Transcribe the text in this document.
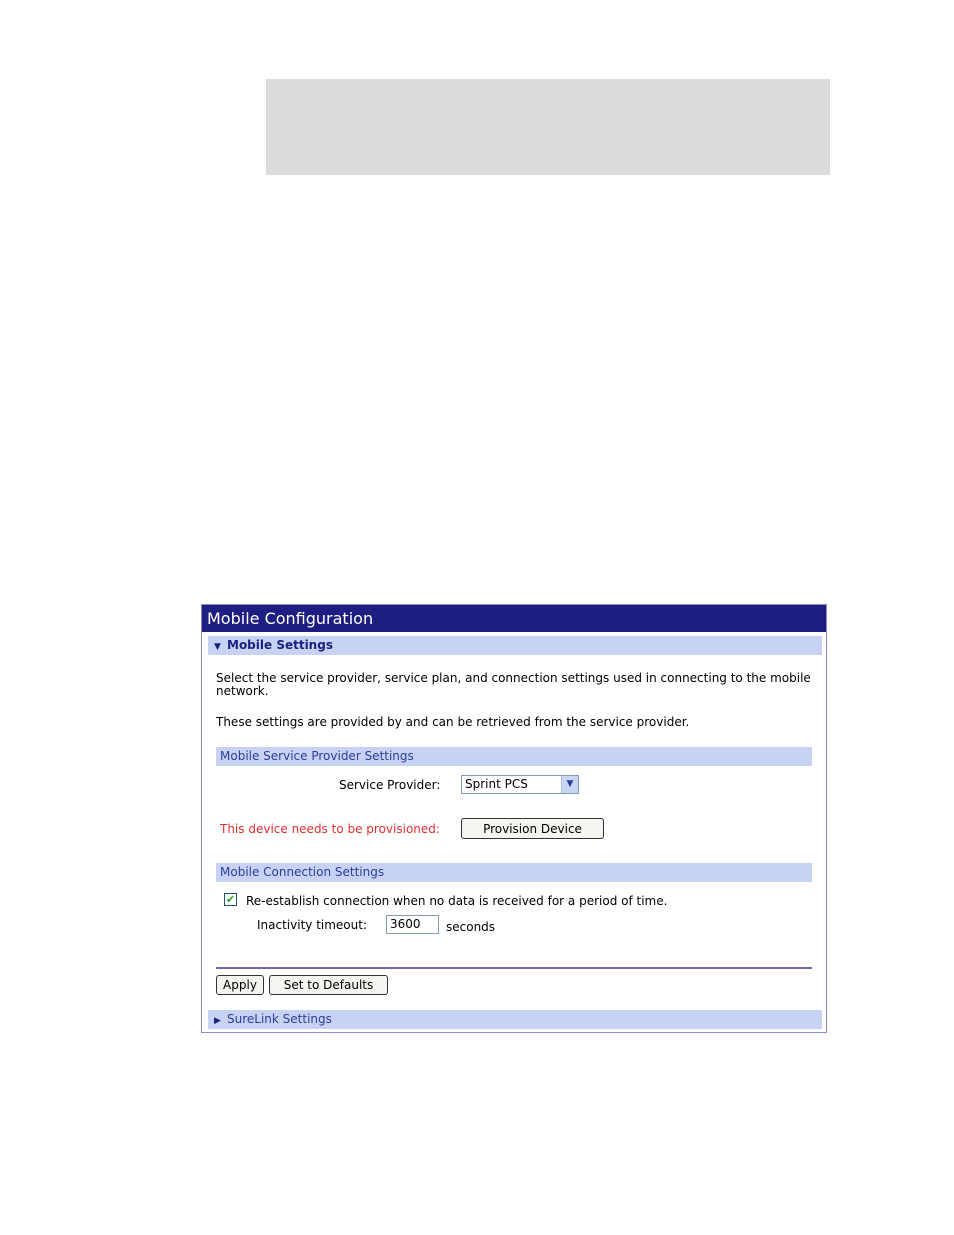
Mobile Configuration
▼ Mobile Settings
Select the service provider, service plan, and connection settings used in connecting to the mobile network.
These settings are provided by and can be retrieved from the service provider.
Mobile Service Provider Settings
Service Provider:	Sprint PCS	▼
This device needs to be provisioned:	Provision Device
Mobile Connection Settings
✔ Re-establish connection when no data is received for a period of time.
Inactivity timeout:	3600	seconds
Apply	Set to Defaults
▶ SureLink Settings
